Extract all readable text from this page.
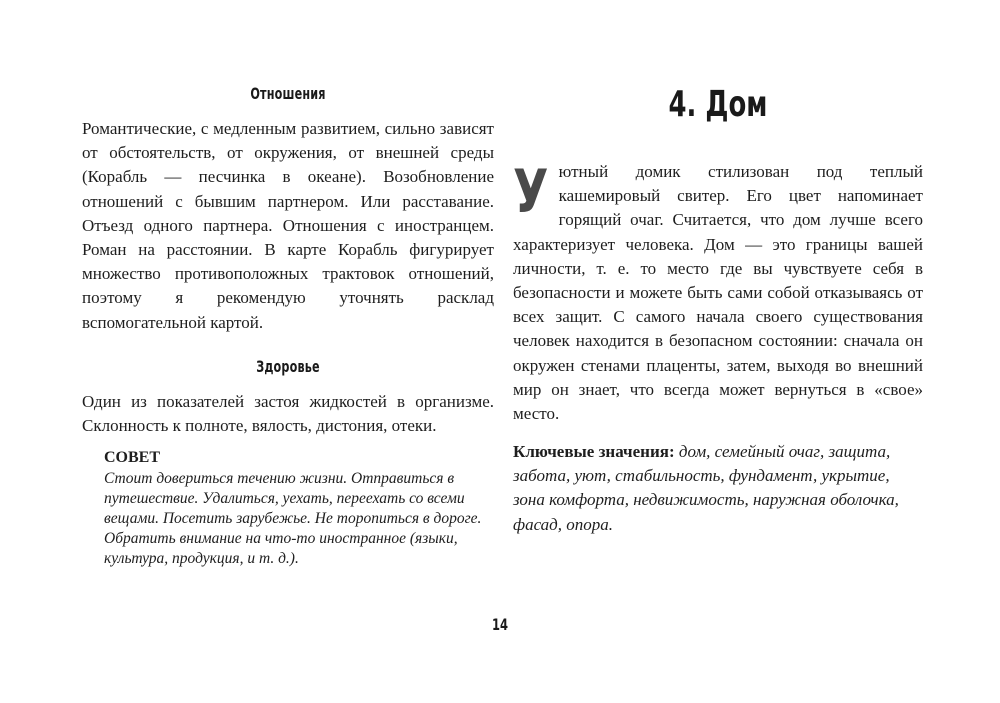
Отношения

Романтические, с медленным развитием, сильно зависят от обстоятельств, от окружения, от внешней среды (Корабль — песчинка в океане). Возобновление отношений с бывшим партнером. Или расставание. Отъезд одного партнера. Отношения с иностранцем. Роман на расстоянии. В карте Корабль фигурирует множество противоположных трактовок отношений, поэтому я рекомендую уточнять расклад вспомогательной картой.

Здоровье

Один из показателей застоя жидкостей в организме. Склонность к полноте, вялость, дистония, отеки.

СОВЕТ

Стоит довериться течению жизни. Отправиться в путешествие. Удалиться, уехать, переехать со всеми вещами. Посетить зарубежье. Не торопиться в дороге. Обратить внимание на что-то иностранное (языки, культура, продукция, и т. д.).

4. Дом

Уютный домик стилизован под теплый кашемировый свитер. Его цвет напоминает горящий очаг. Считается, что дом лучше всего характеризует человека. Дом — это границы вашей личности, т. е. то место где вы чувствуете себя в безопасности и можете быть сами собой отказываясь от всех защит. С самого начала своего существования человек находится в безопасном состоянии: сначала он окружен стенами плаценты, затем, выходя во внешний мир он знает, что всегда может вернуться в «свое» место.

Ключевые значения: дом, семейный очаг, защита, забота, уют, стабильность, фундамент, укрытие, зона комфорта, недвижимость, наружная оболочка, фасад, опора.

14
